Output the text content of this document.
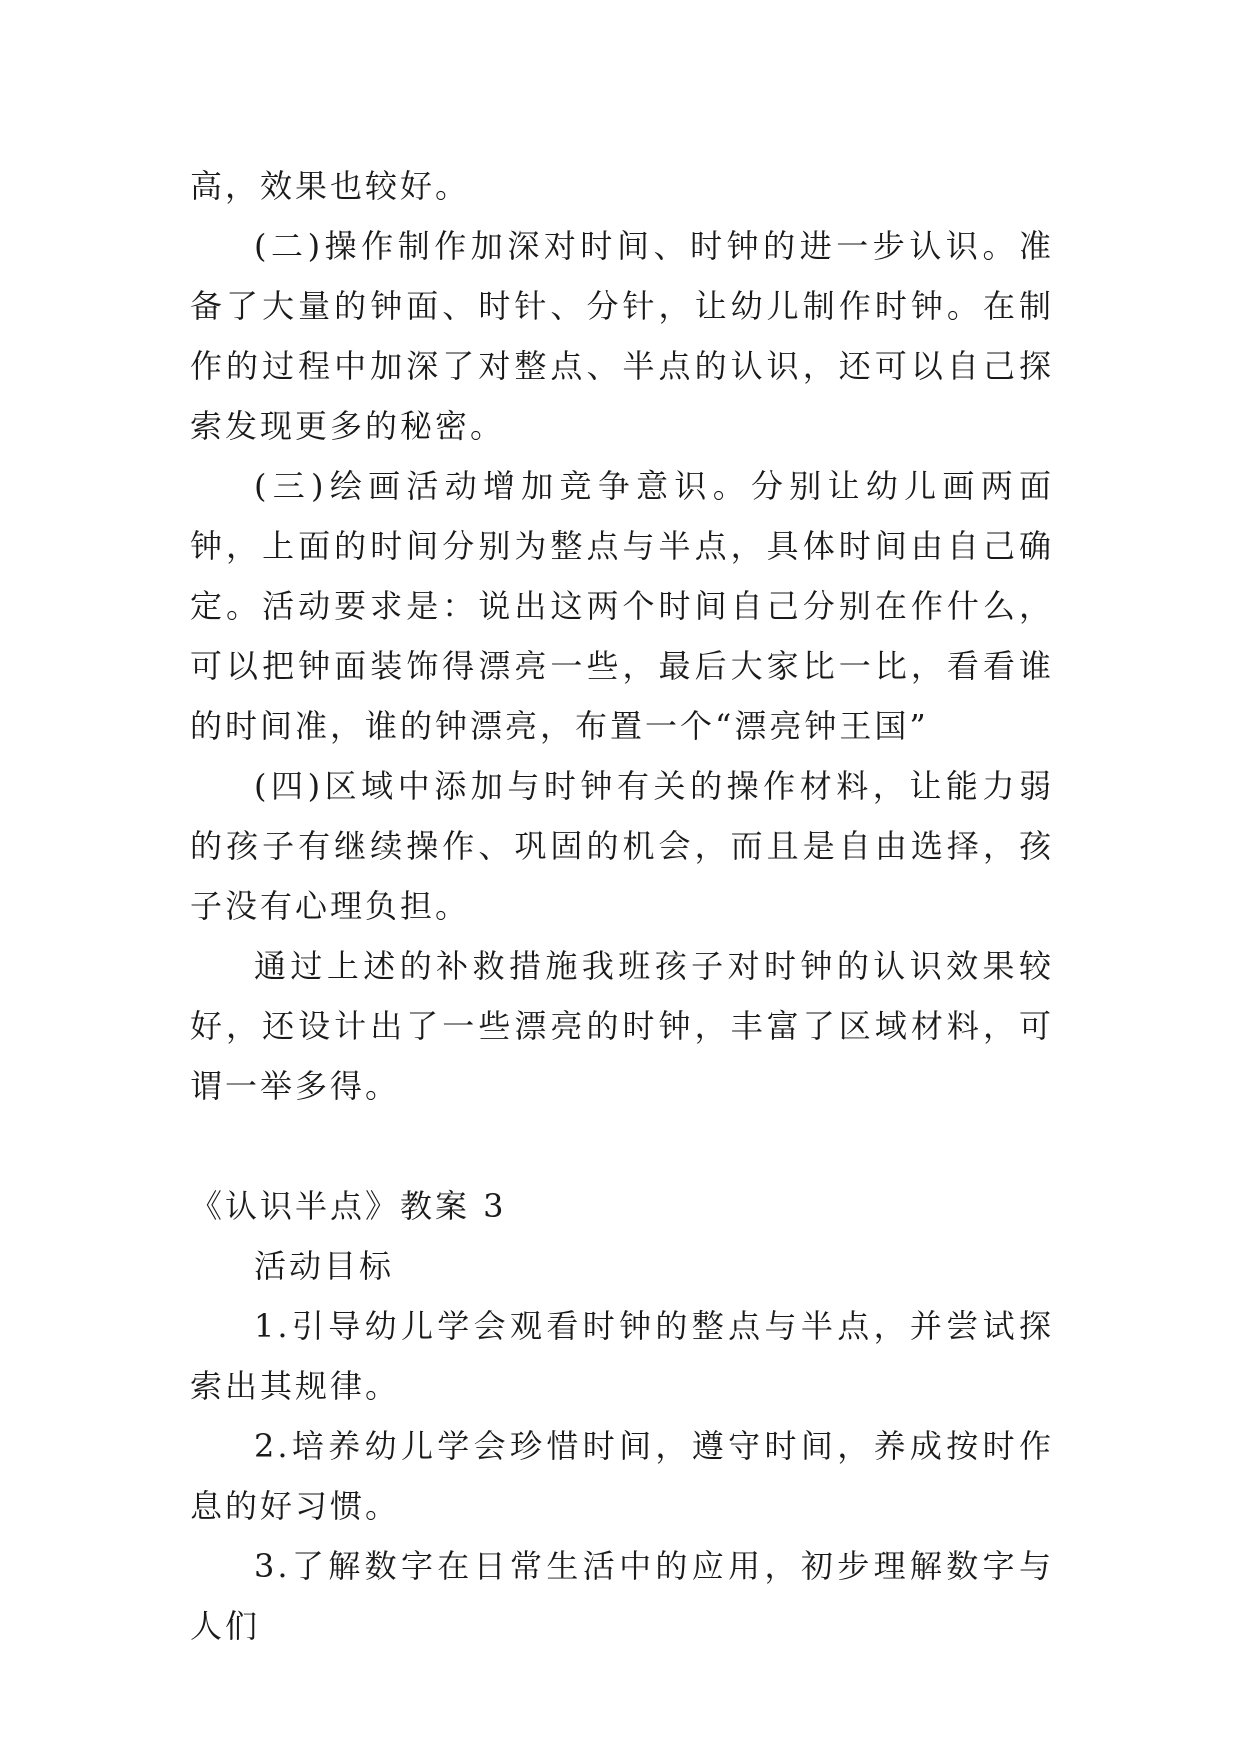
高，效果也较好。

(二)操作制作加深对时间、时钟的进一步认识。准备了大量的钟面、时针、分针，让幼儿制作时钟。在制作的过程中加深了对整点、半点的认识，还可以自己探索发现更多的秘密。

(三)绘画活动增加竞争意识。分别让幼儿画两面钟，上面的时间分别为整点与半点，具体时间由自己确定。活动要求是：说出这两个时间自己分别在作什么，可以把钟面装饰得漂亮一些，最后大家比一比，看看谁的时间准，谁的钟漂亮，布置一个“漂亮钟王国”

(四)区域中添加与时钟有关的操作材料，让能力弱的孩子有继续操作、巩固的机会，而且是自由选择，孩子没有心理负担。

通过上述的补救措施我班孩子对时钟的认识效果较好，还设计出了一些漂亮的时钟，丰富了区域材料，可谓一举多得。

《认识半点》教案 3

活动目标

1.引导幼儿学会观看时钟的整点与半点，并尝试探索出其规律。

2.培养幼儿学会珍惜时间，遵守时间，养成按时作息的好习惯。

3.了解数字在日常生活中的应用，初步理解数字与人们
